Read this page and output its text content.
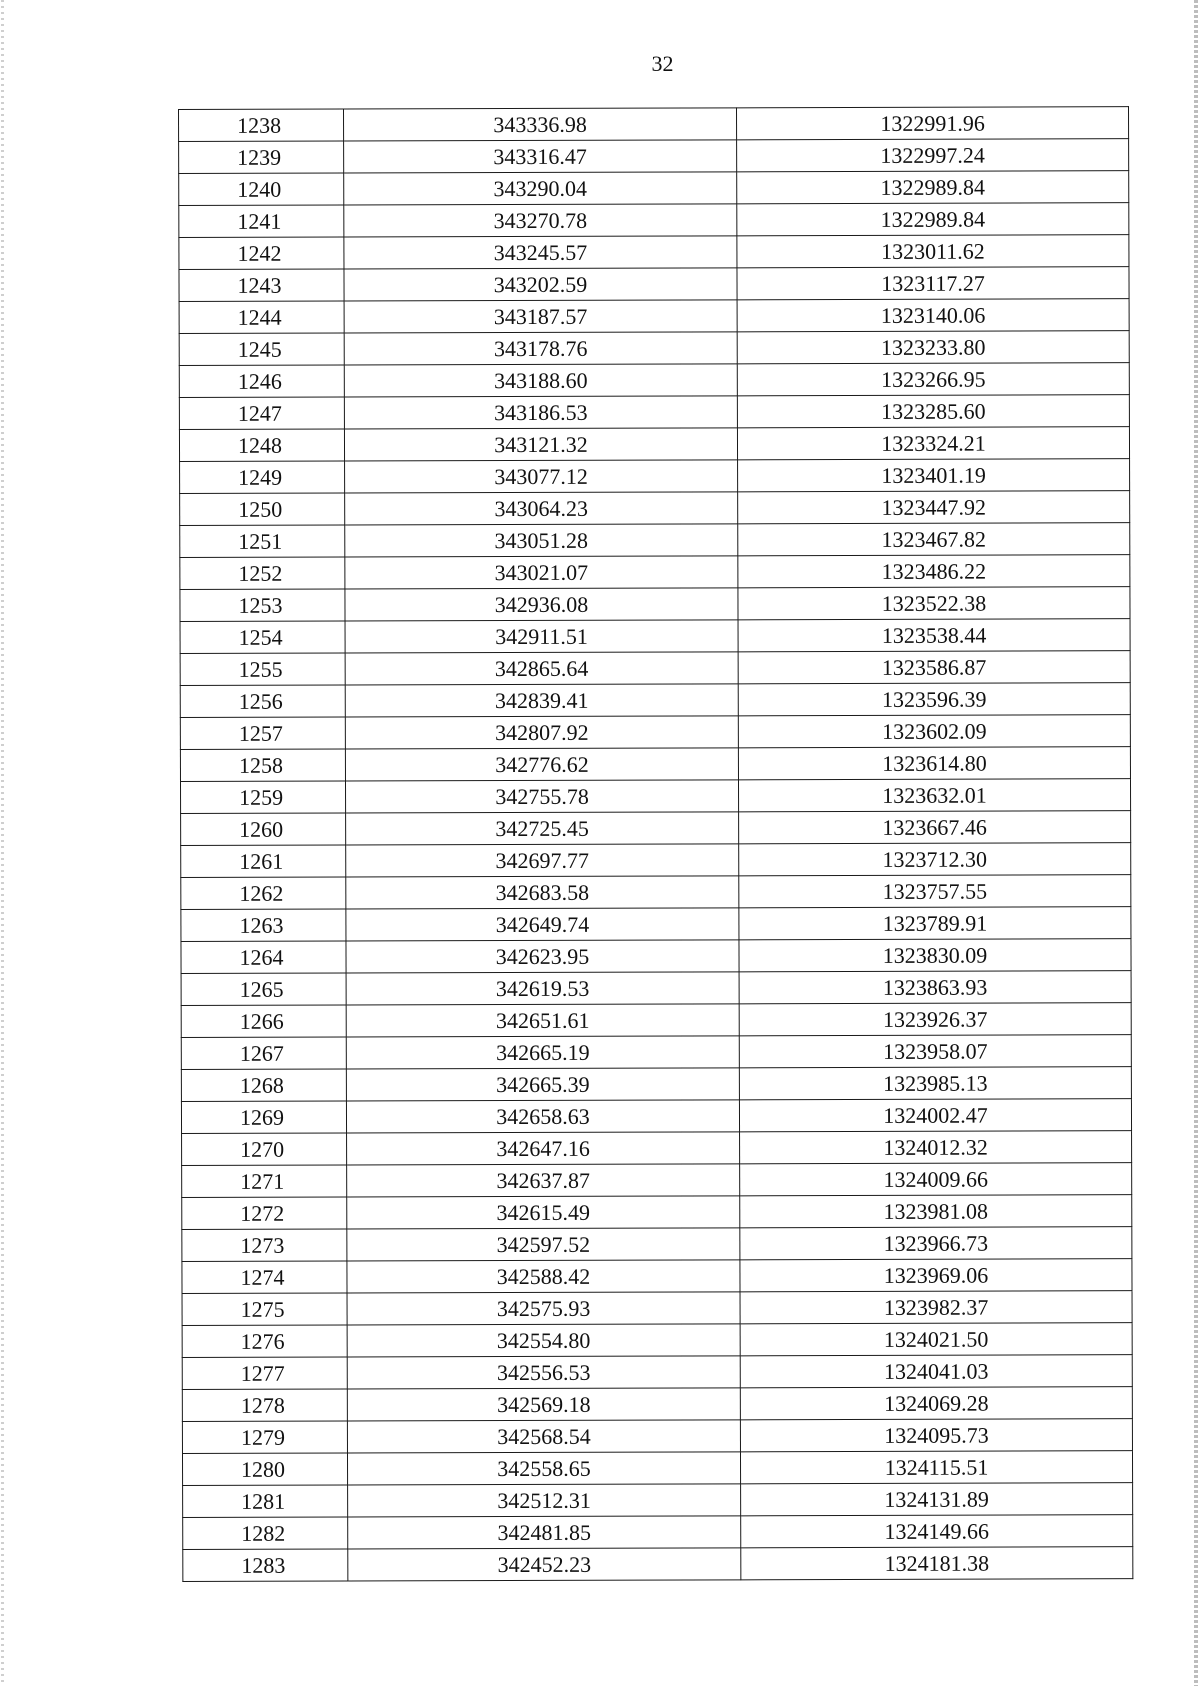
32
1238	343336.98	1322991.96
1239	343316.47	1322997.24
1240	343290.04	1322989.84
1241	343270.78	1322989.84
1242	343245.57	1323011.62
1243	343202.59	1323117.27
1244	343187.57	1323140.06
1245	343178.76	1323233.80
1246	343188.60	1323266.95
1247	343186.53	1323285.60
1248	343121.32	1323324.21
1249	343077.12	1323401.19
1250	343064.23	1323447.92
1251	343051.28	1323467.82
1252	343021.07	1323486.22
1253	342936.08	1323522.38
1254	342911.51	1323538.44
1255	342865.64	1323586.87
1256	342839.41	1323596.39
1257	342807.92	1323602.09
1258	342776.62	1323614.80
1259	342755.78	1323632.01
1260	342725.45	1323667.46
1261	342697.77	1323712.30
1262	342683.58	1323757.55
1263	342649.74	1323789.91
1264	342623.95	1323830.09
1265	342619.53	1323863.93
1266	342651.61	1323926.37
1267	342665.19	1323958.07
1268	342665.39	1323985.13
1269	342658.63	1324002.47
1270	342647.16	1324012.32
1271	342637.87	1324009.66
1272	342615.49	1323981.08
1273	342597.52	1323966.73
1274	342588.42	1323969.06
1275	342575.93	1323982.37
1276	342554.80	1324021.50
1277	342556.53	1324041.03
1278	342569.18	1324069.28
1279	342568.54	1324095.73
1280	342558.65	1324115.51
1281	342512.31	1324131.89
1282	342481.85	1324149.66
1283	342452.23	1324181.38
